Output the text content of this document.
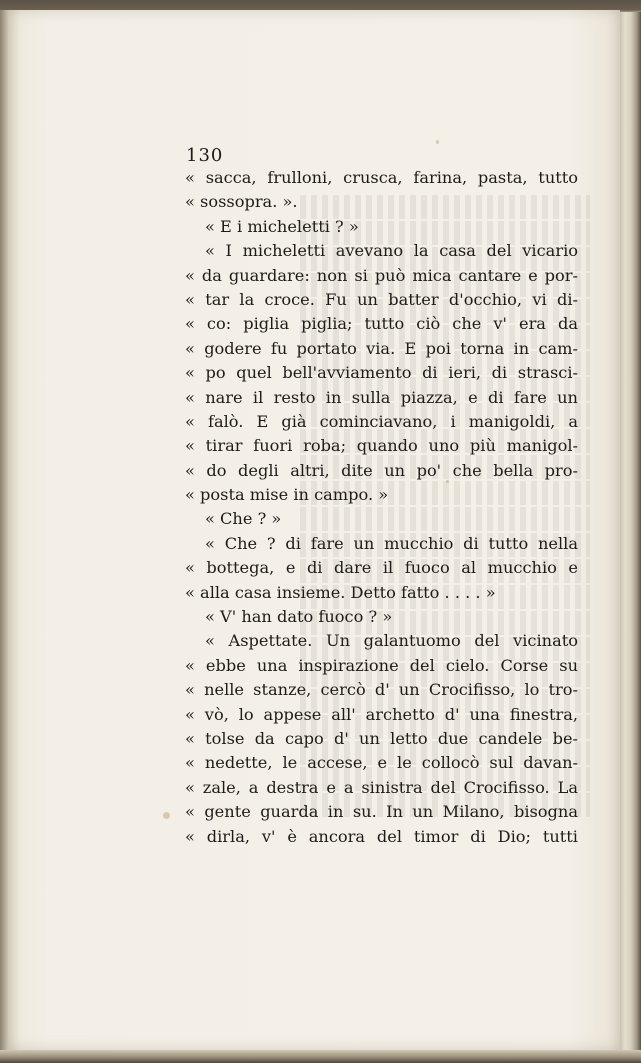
130
« sacca, frulloni, crusca, farina, pasta, tutto
« sossopra. ».
« E i micheletti ? »
« I micheletti avevano la casa del vicario
« da guardare: non si può mica cantare e por-
« tar la croce. Fu un batter d'occhio, vi di-
« co: piglia piglia; tutto ciò che v' era da
« godere fu portato via. E poi torna in cam-
« po quel bell'avviamento di ieri, di strasci-
« nare il resto in sulla piazza, e di fare un
« falò. E già cominciavano, i manigoldi, a
« tirar fuori roba; quando uno più manigol-
« do degli altri, dite un po' che bella pro-
« posta mise in campo. »
« Che ? »
« Che ? di fare un mucchio di tutto nella
« bottega, e di dare il fuoco al mucchio e
« alla casa insieme. Detto fatto . . . . »
« V' han dato fuoco ? »
« Aspettate. Un galantuomo del vicinato
« ebbe una inspirazione del cielo. Corse su
« nelle stanze, cercò d' un Crocifisso, lo tro-
« vò, lo appese all' archetto d' una finestra,
« tolse da capo d' un letto due candele be-
« nedette, le accese, e le collocò sul davan-
« zale, a destra e a sinistra del Crocifisso. La
« gente guarda in su. In un Milano, bisogna
« dirla, v' è ancora del timor di Dio; tutti
